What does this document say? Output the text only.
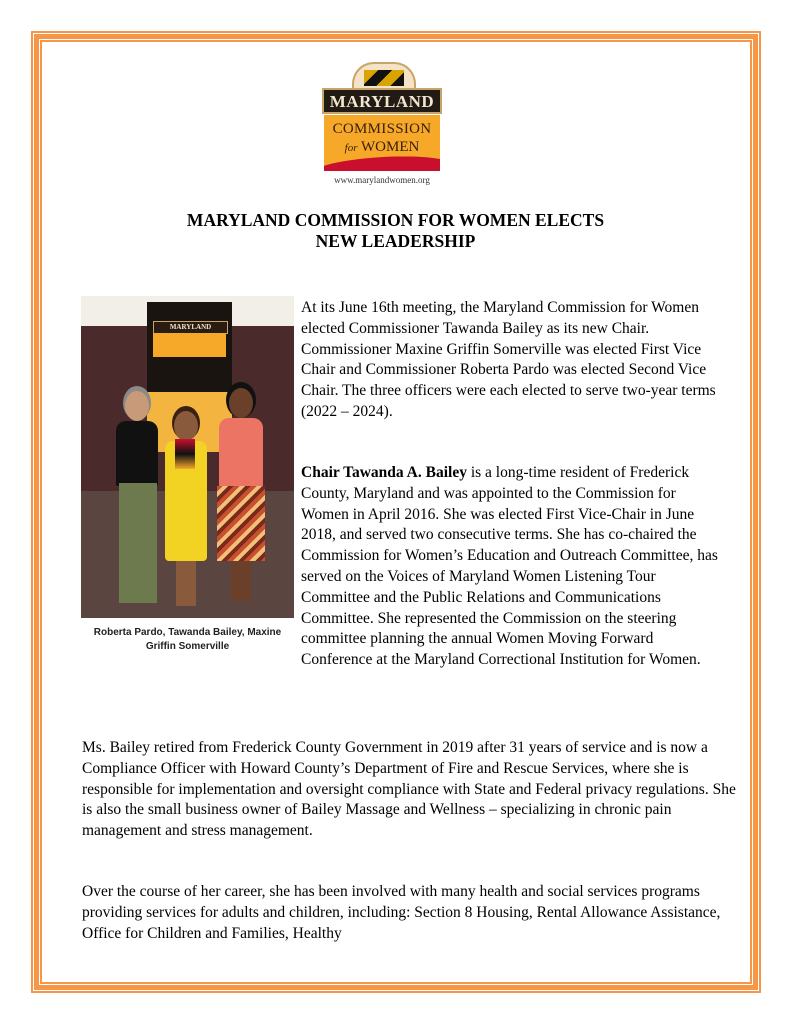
MARYLAND
COMMISSION
for WOMEN
www.marylandwomen.org
MARYLAND COMMISSION FOR WOMEN ELECTS
NEW LEADERSHIP
MARYLAND
Roberta Pardo, Tawanda Bailey, Maxine Griffin Somerville
At its June 16th meeting, the Maryland Commission for Women elected Commissioner Tawanda Bailey as its new Chair. Commissioner Maxine Griffin Somerville was elected First Vice Chair and Commissioner Roberta Pardo was elected Second Vice Chair. The three officers were each elected to serve two-year terms (2022 – 2024).
Chair Tawanda A. Bailey is a long-time resident of Frederick County, Maryland and was appointed to the Commission for Women in April 2016. She was elected First Vice-Chair in June 2018, and served two consecutive terms. She has co-chaired the Commission for Women’s Education and Outreach Committee, has served on the Voices of Maryland Women Listening Tour Committee and the Public Relations and Communications Committee. She represented the Commission on the steering committee planning the annual Women Moving Forward Conference at the Maryland Correctional Institution for Women.
Ms. Bailey retired from Frederick County Government in 2019 after 31 years of service and is now a Compliance Officer with Howard County’s Department of Fire and Rescue Services, where she is responsible for implementation and oversight compliance with State and Federal privacy regulations. She is also the small business owner of Bailey Massage and Wellness – specializing in chronic pain management and stress management.
Over the course of her career, she has been involved with many health and social services programs providing services for adults and children, including: Section 8 Housing, Rental Allowance Assistance, Office for Children and Families, Healthy
